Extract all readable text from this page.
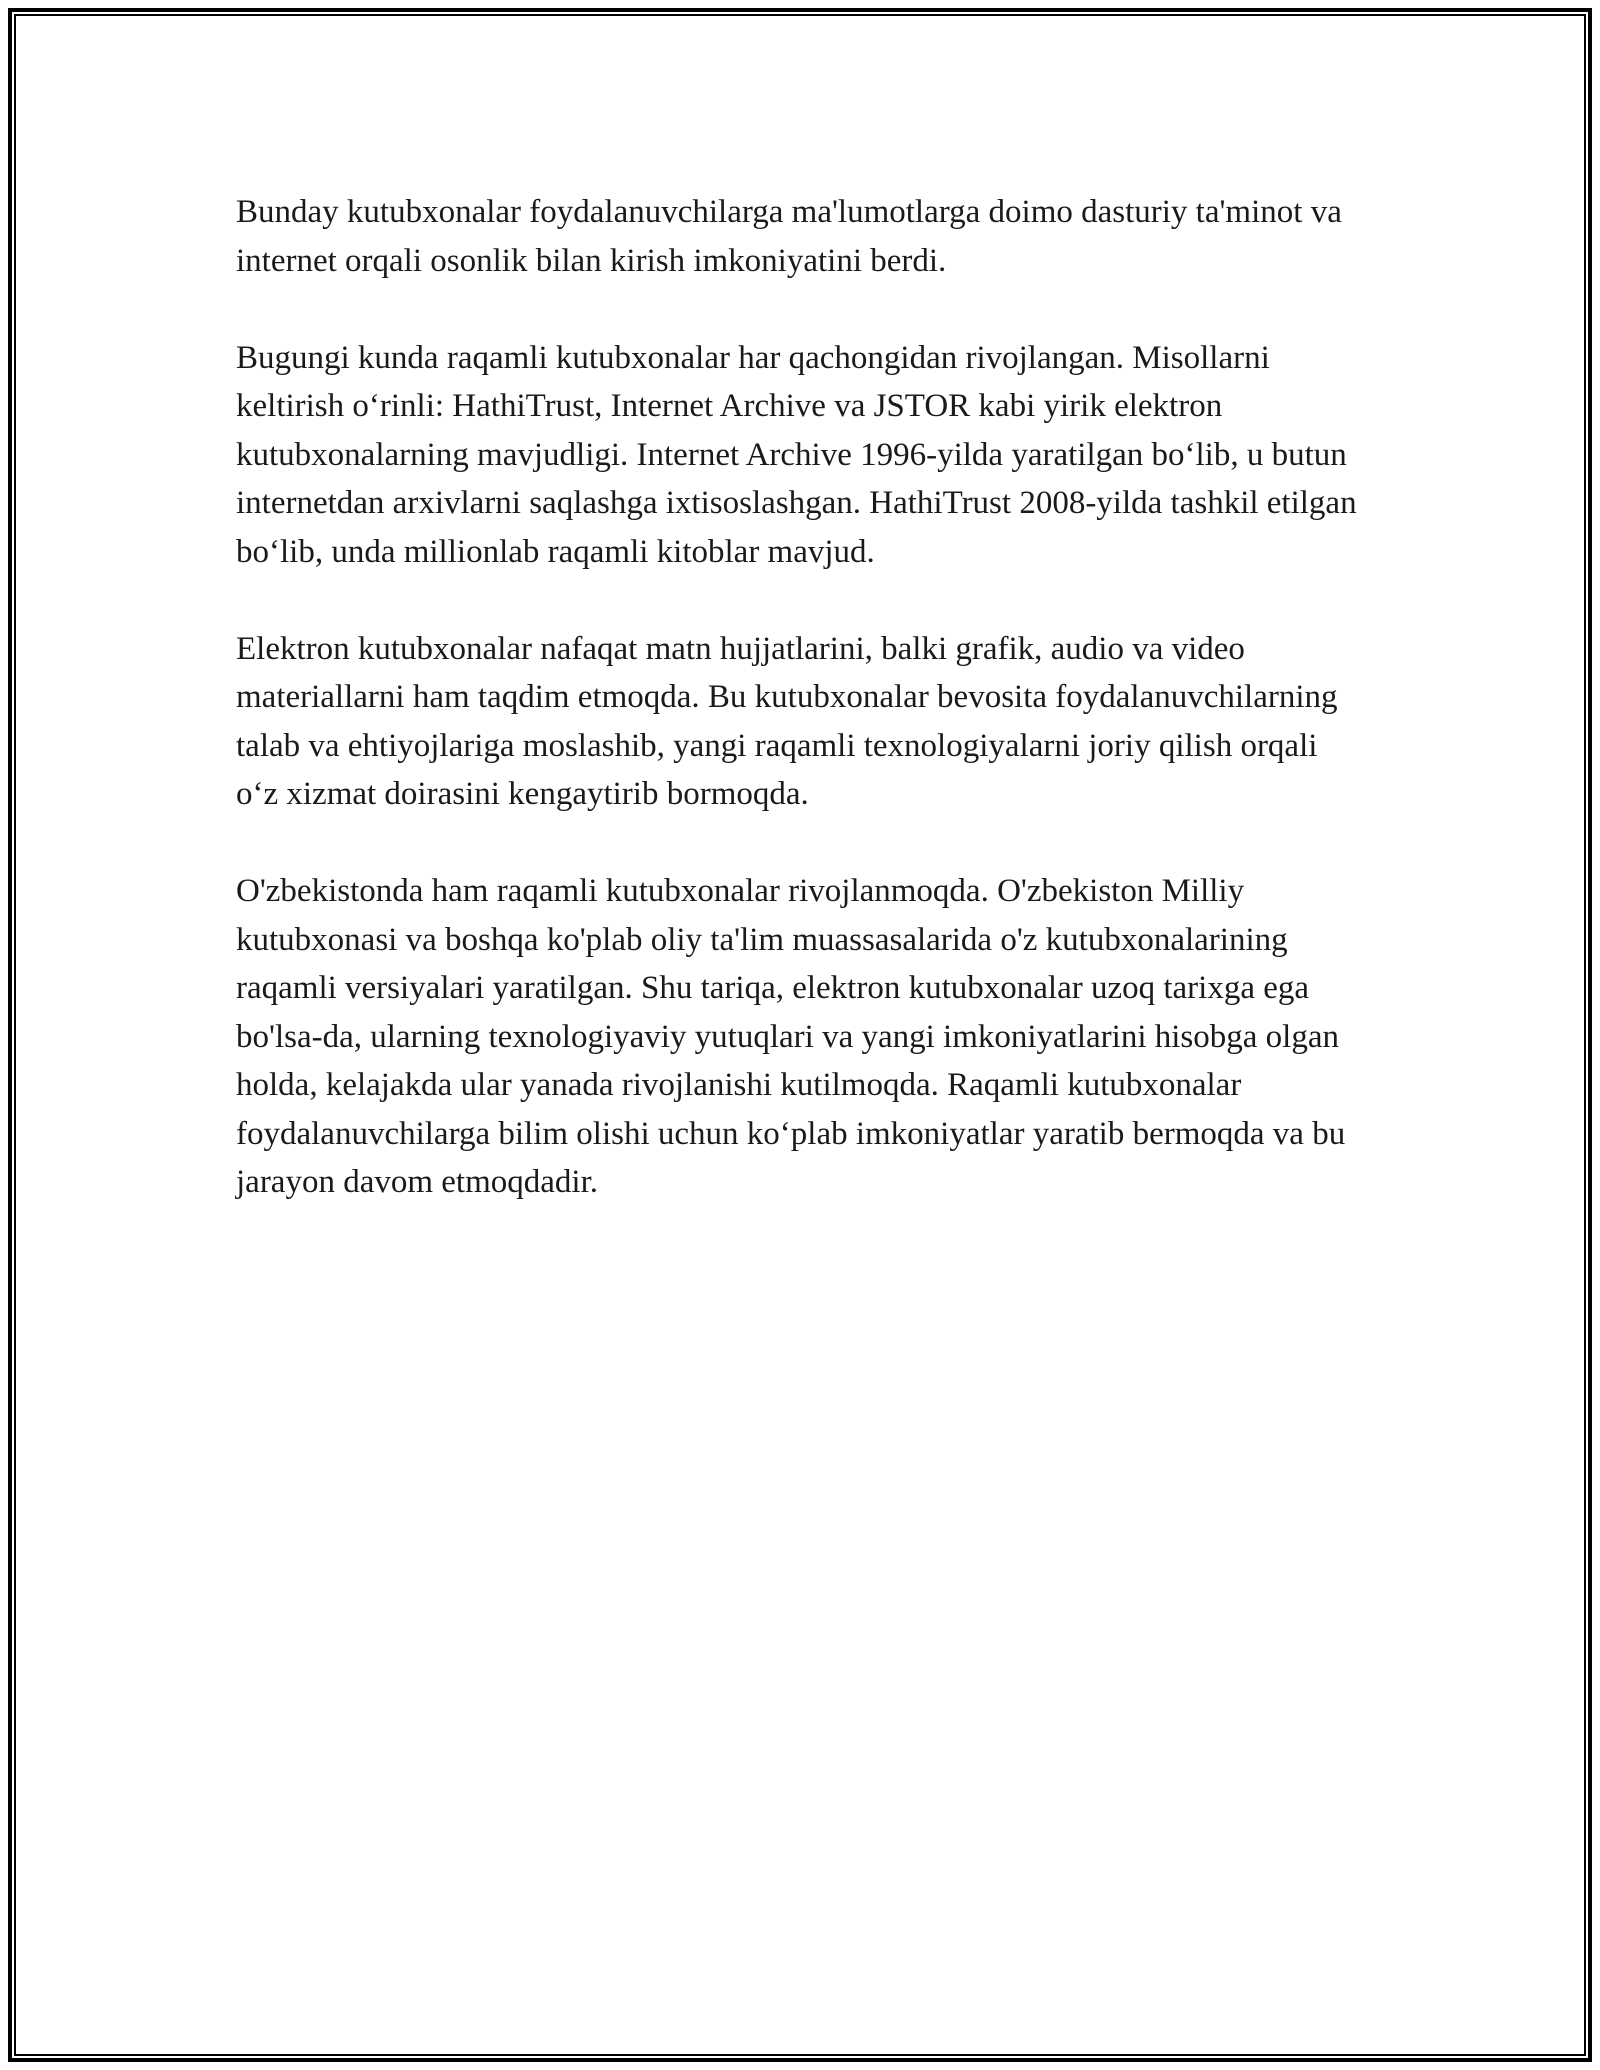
Bunday kutubxonalar foydalanuvchilarga ma'lumotlarga doimo dasturiy ta'minot va internet orqali osonlik bilan kirish imkoniyatini berdi.

Bugungi kunda raqamli kutubxonalar har qachongidan rivojlangan. Misollarni keltirish o‘rinli: HathiTrust, Internet Archive va JSTOR kabi yirik elektron kutubxonalarning mavjudligi. Internet Archive 1996-yilda yaratilgan bo‘lib, u butun internetdan arxivlarni saqlashga ixtisoslashgan. HathiTrust 2008-yilda tashkil etilgan bo‘lib, unda millionlab raqamli kitoblar mavjud.

Elektron kutubxonalar nafaqat matn hujjatlarini, balki grafik, audio va video materiallarni ham taqdim etmoqda. Bu kutubxonalar bevosita foydalanuvchilarning talab va ehtiyojlariga moslashib, yangi raqamli texnologiyalarni joriy qilish orqali o‘z xizmat doirasini kengaytirib bormoqda.

O'zbekistonda ham raqamli kutubxonalar rivojlanmoqda. O'zbekiston Milliy kutubxonasi va boshqa ko'plab oliy ta'lim muassasalarida o'z kutubxonalarining raqamli versiyalari yaratilgan. Shu tariqa, elektron kutubxonalar uzoq tarixga ega bo'lsa-da, ularning texnologiyaviy yutuqlari va yangi imkoniyatlarini hisobga olgan holda, kelajakda ular yanada rivojlanishi kutilmoqda. Raqamli kutubxonalar foydalanuvchilarga bilim olishi uchun ko‘plab imkoniyatlar yaratib bermoqda va bu jarayon davom etmoqdadir.
